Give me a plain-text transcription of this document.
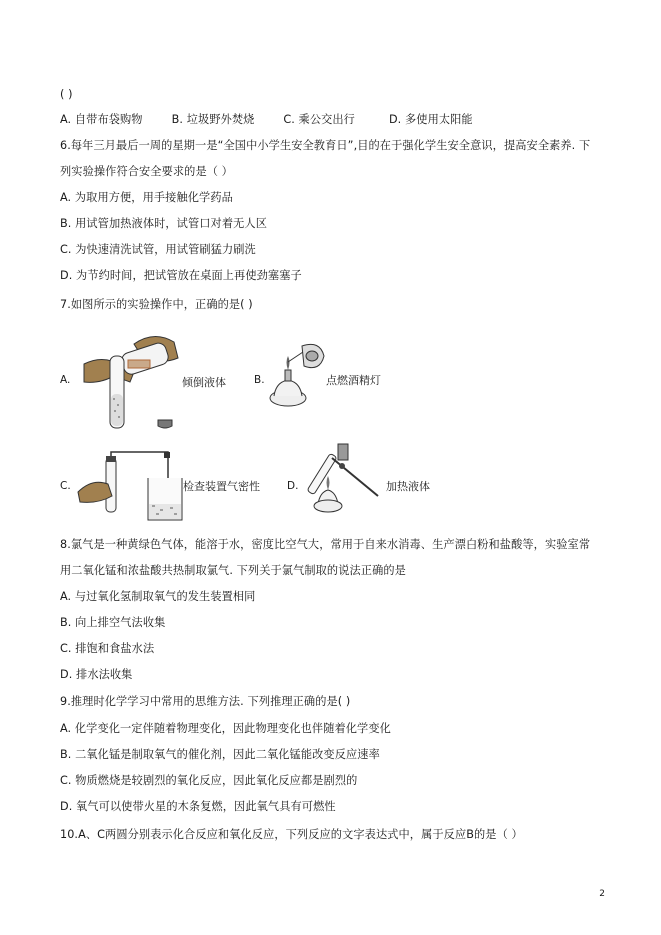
( )
A. 自带布袋购物	B. 垃圾野外焚烧	C. 乘公交出行	D. 多使用太阳能
6.每年三月最后一周的星期一是“全国中小学生安全教育日”,目的在于强化学生安全意识，提高安全素养. 下
列实验操作符合安全要求的是（ ）
A. 为取用方便，用手接触化学药品
B. 用试管加热液体时，试管口对着无人区
C. 为快速清洗试管，用试管刷猛力刷洗
D. 为节约时间，把试管放在桌面上再使劲塞塞子
7.如图所示的实验操作中，正确的是( )
A.	倾倒液体	B.	点燃酒精灯
C.	检查装置气密性	D.	加热液体
8.氯气是一种黄绿色气体，能溶于水，密度比空气大，常用于自来水消毒、生产漂白粉和盐酸等，实验室常
用二氧化锰和浓盐酸共热制取氯气. 下列关于氯气制取的说法正确的是
A. 与过氧化氢制取氧气的发生装置相同
B. 向上排空气法收集
C. 排饱和食盐水法
D. 排水法收集
9.推理时化学学习中常用的思维方法. 下列推理正确的是( )
A. 化学变化一定伴随着物理变化，因此物理变化也伴随着化学变化
B. 二氧化锰是制取氧气的催化剂，因此二氧化锰能改变反应速率
C. 物质燃烧是较剧烈的氧化反应，因此氧化反应都是剧烈的
D. 氧气可以使带火星的木条复燃，因此氧气具有可燃性
10.A、C两圆分别表示化合反应和氧化反应，下列反应的文字表达式中，属于反应B的是（ ）
2
